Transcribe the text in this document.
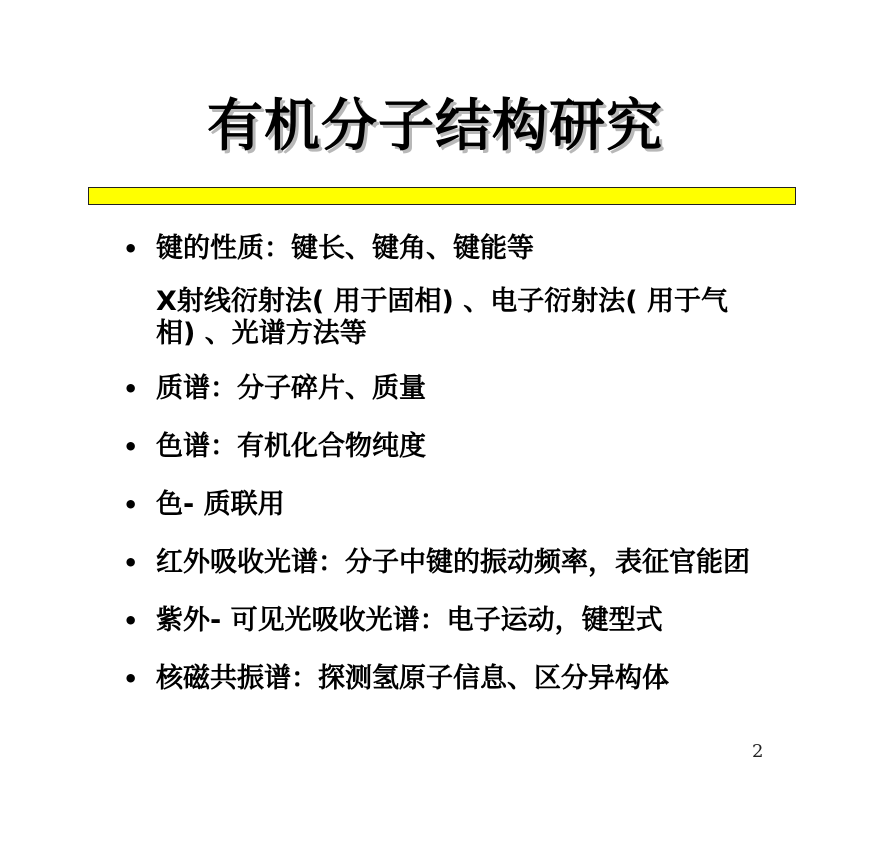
有机分子结构研究
• 键的性质：键长、键角、键能等
X射线衍射法( 用于固相) 、电子衍射法( 用于气相) 、光谱方法等
• 质谱：分子碎片、质量
• 色谱：有机化合物纯度
• 色- 质联用
• 红外吸收光谱：分子中键的振动频率，表征官能团
• 紫外- 可见光吸收光谱：电子运动，键型式
• 核磁共振谱：探测氢原子信息、区分异构体
2
